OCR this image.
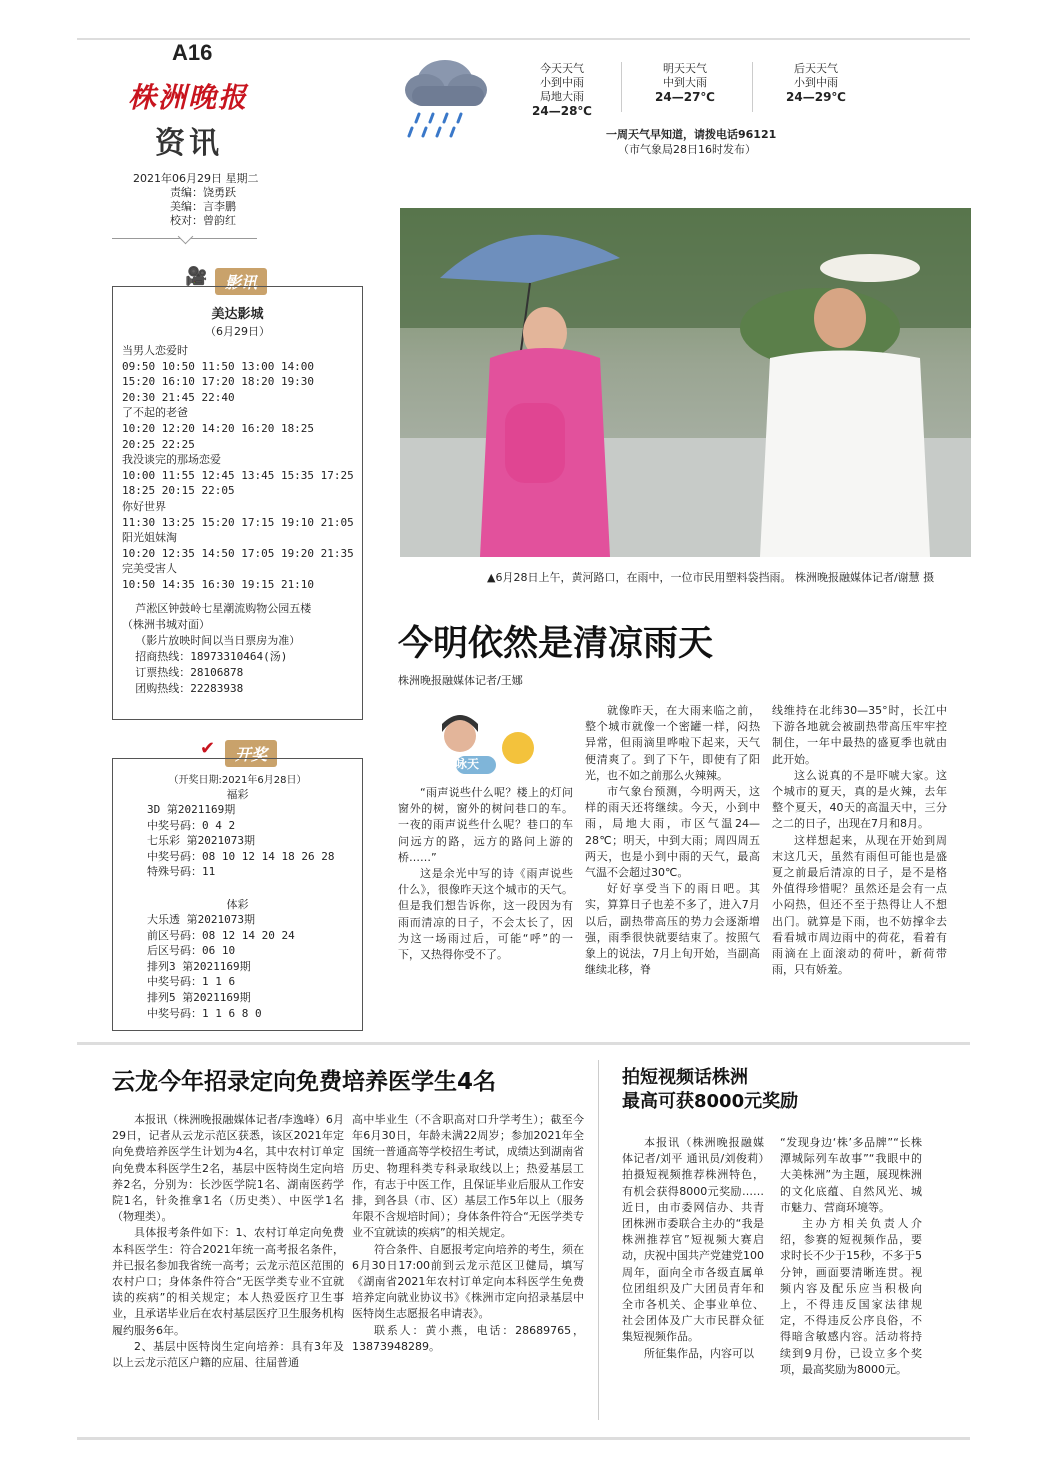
A16
株洲晚报
资讯
2021年06月29日 星期二
责编：饶勇跃
美编：言李鹏
校对：曾韵红
今天天气
小到中雨
局地大雨
24—28℃
明天天气
中到大雨
24—27℃
后天天气
小到中雨
24—29℃
一周天气早知道，请拨电话96121
（市气象局28日16时发布）
🎥	影讯
美达影城
（6月29日）
当男人恋爱时
09:50 10:50 11:50 13:00 14:00
15:20 16:10 17:20 18:20 19:30
20:30 21:45 22:40
了不起的老爸
10:20 12:20 14:20 16:20 18:25
20:25 22:25
我没谈完的那场恋爱
10:00 11:55 12:45 13:45 15:35 17:25
18:25 20:15 22:05
你好世界
11:30 13:25 15:20 17:15 19:10 21:05
阳光姐妹淘
10:20 12:35 14:50 17:05 19:20 21:35
完美受害人
10:50 14:35 16:30 19:15 21:10
芦淞区钟鼓岭七星潮流购物公园五楼
（株洲书城对面）
（影片放映时间以当日票房为准）
招商热线：18973310464(汤)
订票热线：28106878
团购热线：22283938
✔	开奖
（开奖日期:2021年6月28日）
福彩
3D 第2021169期
中奖号码：0 4 2
七乐彩 第2021073期
中奖号码：08 10 12 14 18 26 28
特殊号码：11
体彩
大乐透 第2021073期
前区号码：08 12 14 20 24
后区号码：06 10
排列3 第2021169期
中奖号码：1 1 6
排列5 第2021169期
中奖号码：1 1 6 8 0
▲6月28日上午，黄河路口，在雨中，一位市民用塑料袋挡雨。 株洲晚报融媒体记者/谢慧 摄
今明依然是清凉雨天
株洲晚报融媒体记者/王娜
咏天

“雨声说些什么呢？楼上的灯问窗外的树，窗外的树问巷口的车。一夜的雨声说些什么呢？巷口的车问远方的路，远方的路问上游的桥……”

这是余光中写的诗《雨声说些什么》，很像昨天这个城市的天气。但是我们想告诉你，这一段因为有雨而清凉的日子，不会太长了，因为这一场雨过后，可能“呼”的一下，又热得你受不了。

就像昨天，在大雨来临之前，整个城市就像一个密罐一样，闷热异常，但雨滴里哗啦下起来，天气便清爽了。到了下午，即使有了阳光，也不如之前那么火辣辣。

市气象台预测，今明两天，这样的雨天还将继续。今天，小到中雨，局地大雨，市区气温24—28℃；明天，中到大雨；周四周五两天，也是小到中雨的天气，最高气温不会超过30℃。

好好享受当下的雨日吧。其实，算算日子也差不多了，进入7月以后，副热带高压的势力会逐渐增强，雨季很快就要结束了。按照气象上的说法，7月上旬开始，当副高继续北移，脊

线维持在北纬30—35°时，长江中下游各地就会被副热带高压牢牢控制住，一年中最热的盛夏季也就由此开始。

这么说真的不是吓唬大家。这个城市的夏天，真的是火辣，去年整个夏天，40天的高温天中，三分之二的日子，出现在7月和8月。

这样想起来，从现在开始到周末这几天，虽然有雨但可能也是盛夏之前最后清凉的日子，是不是格外值得珍惜呢？虽然还是会有一点小闷热，但还不至于热得让人不想出门。就算是下雨，也不妨撑伞去看看城市周边雨中的荷花，看着有雨滴在上面滚动的荷叶，新荷带雨，只有娇羞。

云龙今年招录定向免费培养医学生4名

本报讯（株洲晚报融媒体记者/李逸峰）6月29日，记者从云龙示范区获悉，该区2021年定向免费培养医学生计划为4名，其中农村订单定向免费本科医学生2名，基层中医特岗生定向培养2名，分别为：长沙医学院1名、湖南医药学院1名，针灸推拿1名（历史类）、中医学1名（物理类）。

具体报考条件如下：1、农村订单定向免费本科医学生：符合2021年统一高考报名条件，并已报名参加我省统一高考；云龙示范区范围的农村户口；身体条件符合“无医学类专业不宜就读的疾病”的相关规定；本人热爱医疗卫生事业，且承诺毕业后在农村基层医疗卫生服务机构履约服务6年。

2、基层中医特岗生定向培养：具有3年及以上云龙示范区户籍的应届、往届普通

高中毕业生（不含职高对口升学考生）；截至今年6月30日，年龄未满22周岁；参加2021年全国统一普通高等学校招生考试，成绩达到湖南省历史、物理科类专科录取线以上；热爱基层工作，有志于中医工作，且保证毕业后服从工作安排，到各县（市、区）基层工作5年以上（服务年限不含规培时间）；身体条件符合“无医学类专业不宜就读的疾病”的相关规定。

符合条件、自愿报考定向培养的考生，须在6月30日17:00前到云龙示范区卫健局，填写《湖南省2021年农村订单定向本科医学生免费培养定向就业协议书》《株洲市定向招录基层中医特岗生志愿报名申请表》。

联系人：黄小燕，电话：28689765，13873948289。

拍短视频话株洲
最高可获8000元奖励

本报讯（株洲晚报融媒体记者/刘平 通讯员/刘俊莉）拍摄短视频推荐株洲特色，有机会获得8000元奖励……近日，由市委网信办、共青团株洲市委联合主办的“我是株洲推荐官”短视频大赛启动，庆祝中国共产党建党100周年，面向全市各级直属单位团组织及广大团员青年和全市各机关、企事业单位、社会团体及广大市民群众征集短视频作品。

所征集作品，内容可以

“发现身边‘株’多品牌”“长株潭城际列车故事”“我眼中的大美株洲”为主题，展现株洲的文化底蕴、自然风光、城市魅力、营商环境等。

主办方相关负责人介绍，参赛的短视频作品，要求时长不少于15秒，不多于5分钟，画面要清晰连贯。视频内容及配乐应当积极向上，不得违反国家法律规定，不得违反公序良俗，不得暗含敏感内容。活动将持续到9月份，已设立多个奖项，最高奖励为8000元。
